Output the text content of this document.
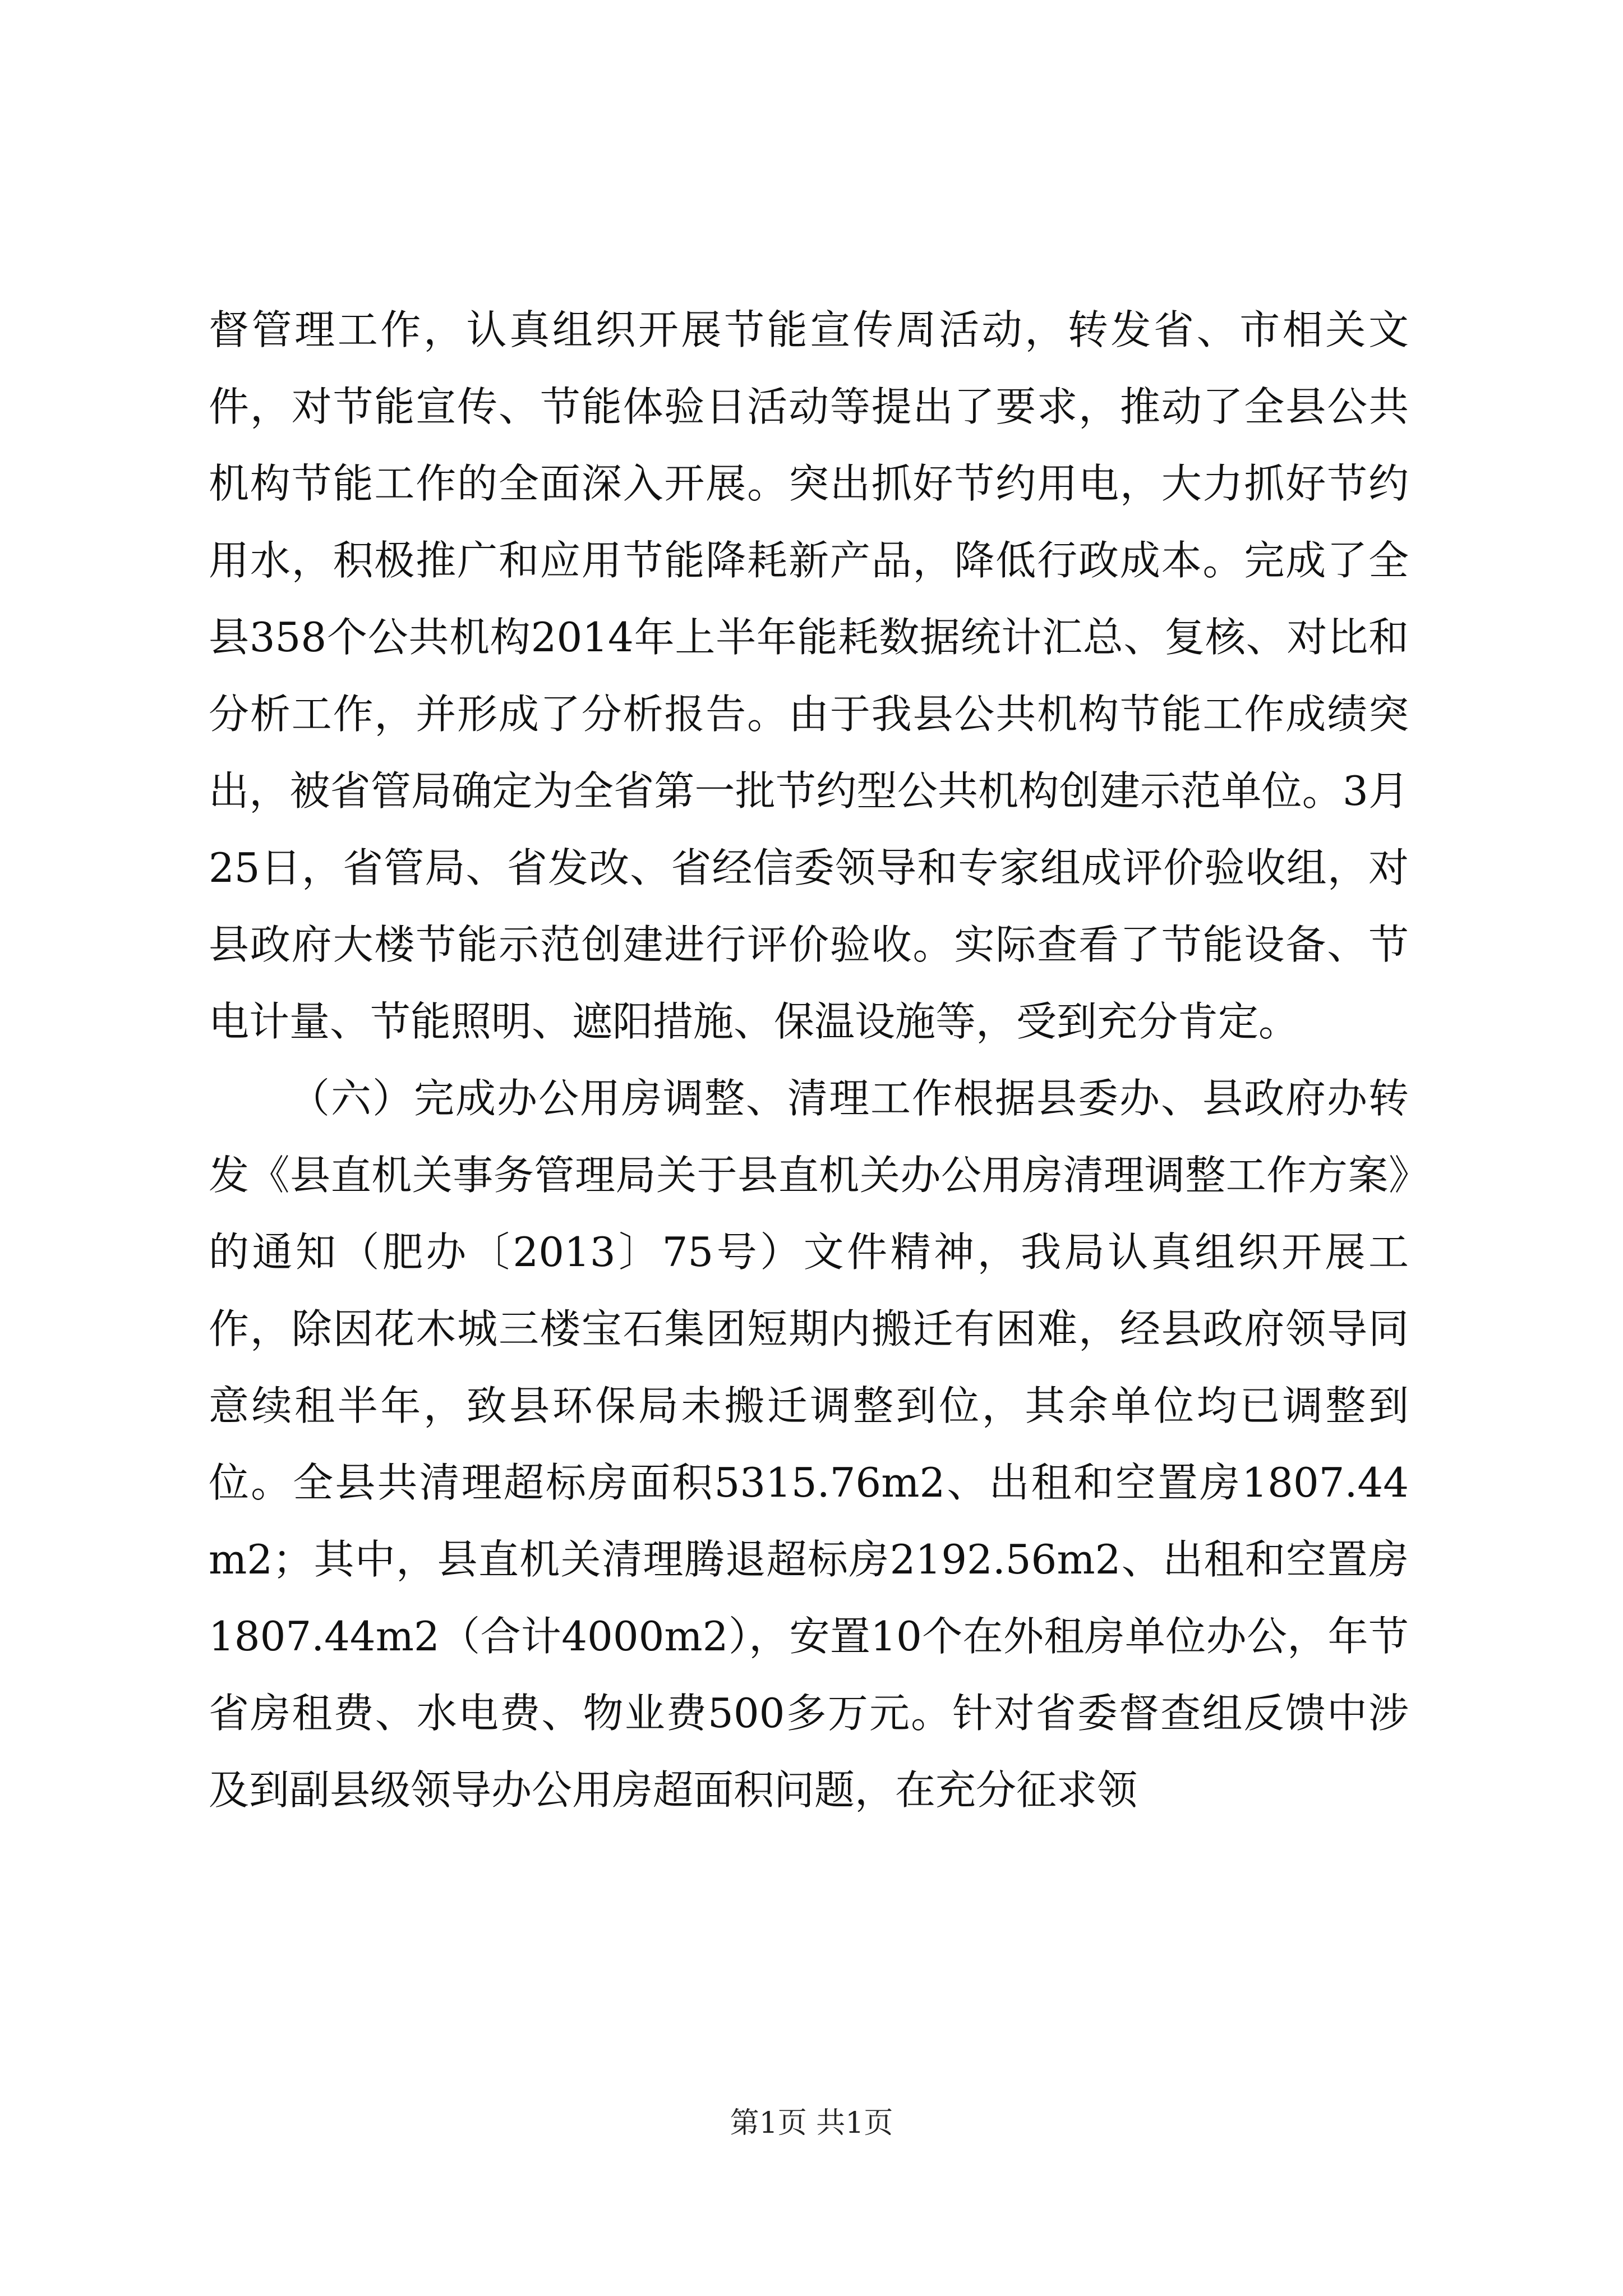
督管理工作，认真组织开展节能宣传周活动，转发省、市相关文件，对节能宣传、节能体验日活动等提出了要求，推动了全县公共机构节能工作的全面深入开展。突出抓好节约用电，大力抓好节约用水，积极推广和应用节能降耗新产品，降低行政成本。完成了全县358个公共机构2014年上半年能耗数据统计汇总、复核、对比和分析工作，并形成了分析报告。由于我县公共机构节能工作成绩突出，被省管局确定为全省第一批节约型公共机构创建示范单位。3月25日，省管局、省发改、省经信委领导和专家组成评价验收组，对县政府大楼节能示范创建进行评价验收。实际查看了节能设备、节电计量、节能照明、遮阳措施、保温设施等，受到充分肯定。

（六）完成办公用房调整、清理工作根据县委办、县政府办转发《县直机关事务管理局关于县直机关办公用房清理调整工作方案》的通知（肥办〔2013〕75号）文件精神，我局认真组织开展工作，除因花木城三楼宝石集团短期内搬迁有困难，经县政府领导同意续租半年，致县环保局未搬迁调整到位，其余单位均已调整到位。全县共清理超标房面积5315.76m2、出租和空置房1807.44m2；其中，县直机关清理腾退超标房2192.56m2、出租和空置房1807.44m2（合计4000m2），安置10个在外租房单位办公，年节省房租费、水电费、物业费500多万元。针对省委督查组反馈中涉及到副县级领导办公用房超面积问题，在充分征求领

第1页 共1页
